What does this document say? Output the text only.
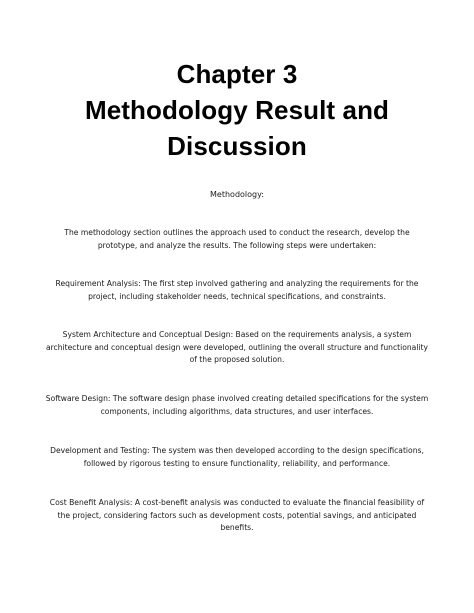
Chapter 3
Methodology Result and
Discussion
Methodology:
The methodology section outlines the approach used to conduct the research, develop the prototype, and analyze the results. The following steps were undertaken:
Requirement Analysis: The first step involved gathering and analyzing the requirements for the project, including stakeholder needs, technical specifications, and constraints.
System Architecture and Conceptual Design: Based on the requirements analysis, a system architecture and conceptual design were developed, outlining the overall structure and functionality of the proposed solution.
Software Design: The software design phase involved creating detailed specifications for the system components, including algorithms, data structures, and user interfaces.
Development and Testing: The system was then developed according to the design specifications, followed by rigorous testing to ensure functionality, reliability, and performance.
Cost Benefit Analysis: A cost-benefit analysis was conducted to evaluate the financial feasibility of the project, considering factors such as development costs, potential savings, and anticipated benefits.
